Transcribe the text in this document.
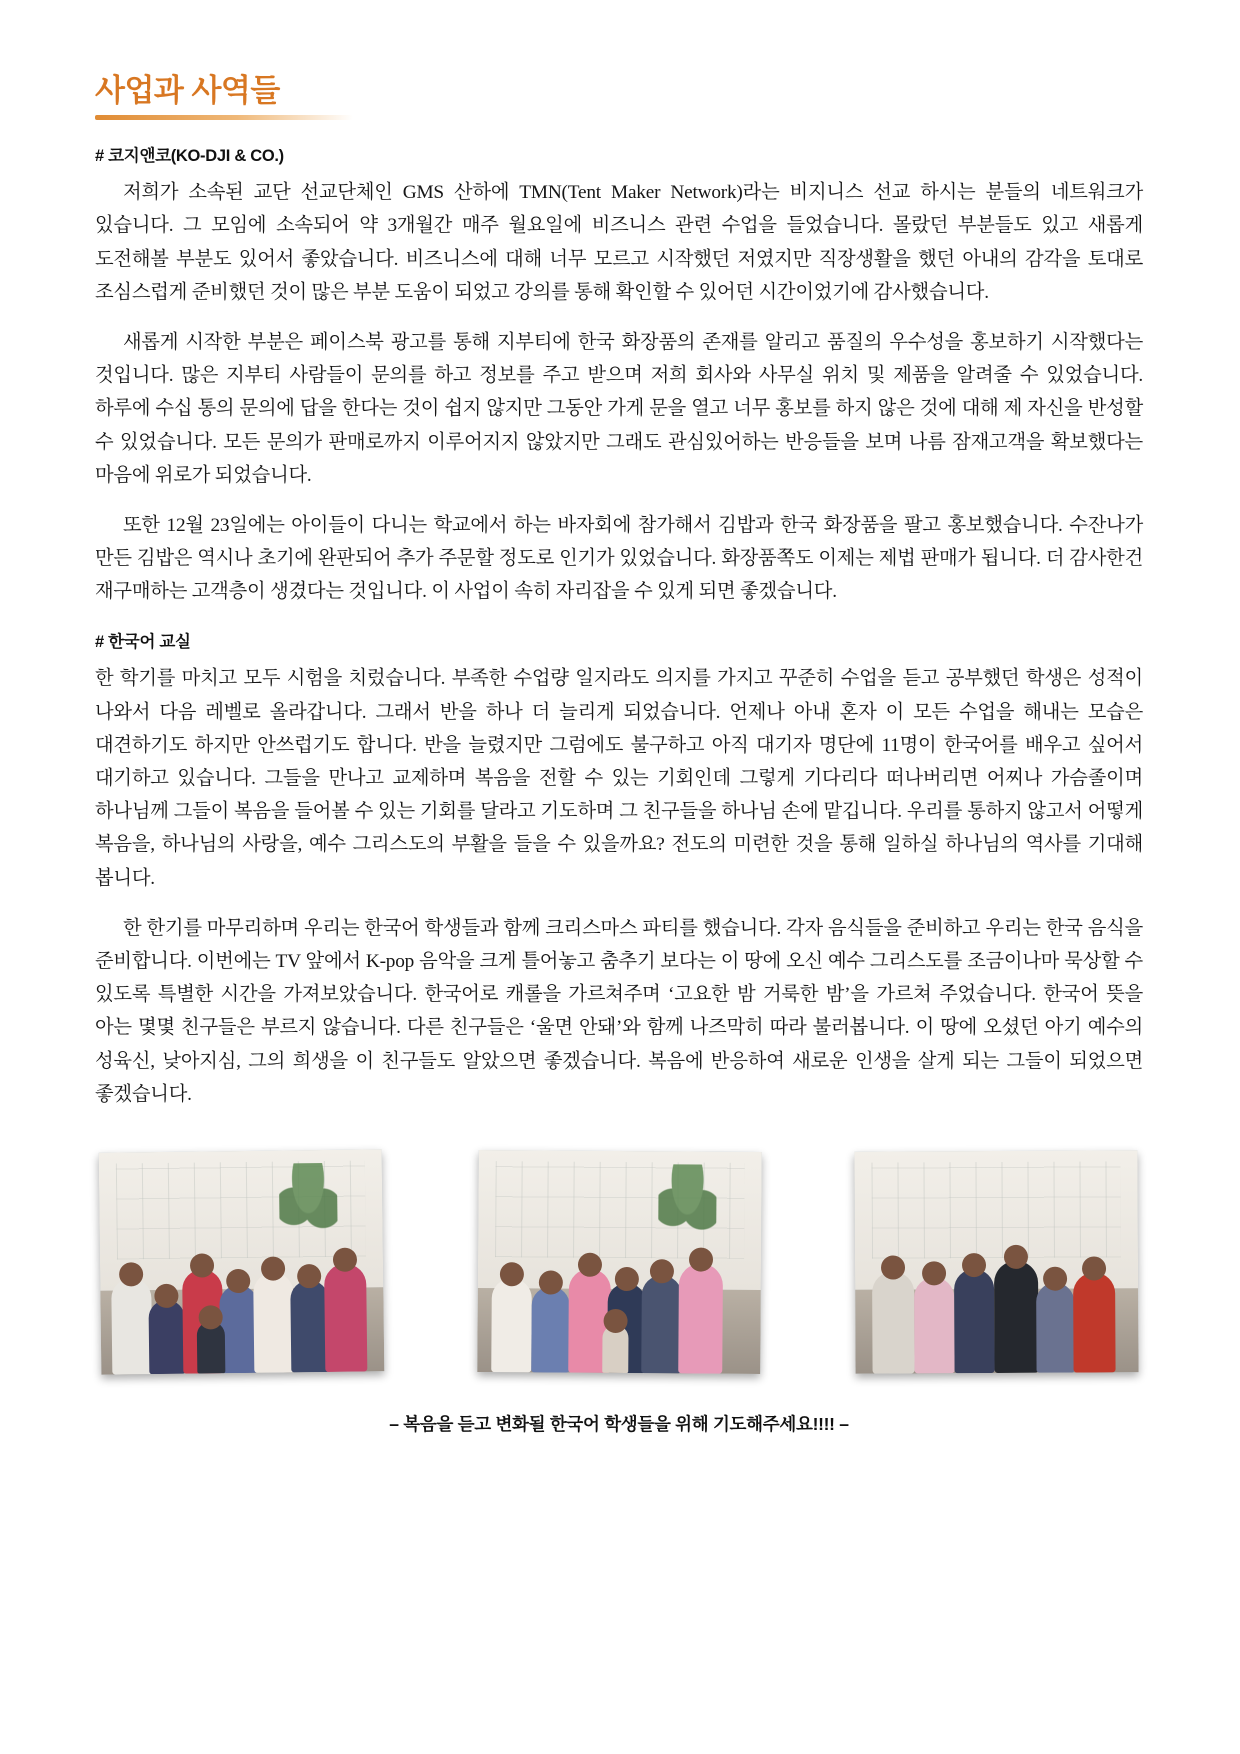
사업과 사역들
# 코지앤코(KO-DJI & CO.)

저희가 소속된 교단 선교단체인 GMS 산하에 TMN(Tent Maker Network)라는 비지니스 선교 하시는 분들의 네트워크가 있습니다. 그 모임에 소속되어 약 3개월간 매주 월요일에 비즈니스 관련 수업을 들었습니다. 몰랐던 부분들도 있고 새롭게 도전해볼 부분도 있어서 좋았습니다. 비즈니스에 대해 너무 모르고 시작했던 저였지만 직장생활을 했던 아내의 감각을 토대로 조심스럽게 준비했던 것이 많은 부분 도움이 되었고 강의를 통해 확인할 수 있어던 시간이었기에 감사했습니다.

새롭게 시작한 부분은 페이스북 광고를 통해 지부티에 한국 화장품의 존재를 알리고 품질의 우수성을 홍보하기 시작했다는 것입니다. 많은 지부티 사람들이 문의를 하고 정보를 주고 받으며 저희 회사와 사무실 위치 및 제품을 알려줄 수 있었습니다. 하루에 수십 통의 문의에 답을 한다는 것이 쉽지 않지만 그동안 가게 문을 열고 너무 홍보를 하지 않은 것에 대해 제 자신을 반성할 수 있었습니다. 모든 문의가 판매로까지 이루어지지 않았지만 그래도 관심있어하는 반응들을 보며 나름 잠재고객을 확보했다는 마음에 위로가 되었습니다.

또한 12월 23일에는 아이들이 다니는 학교에서 하는 바자회에 참가해서 김밥과 한국 화장품을 팔고 홍보했습니다. 수잔나가 만든 김밥은 역시나 초기에 완판되어 추가 주문할 정도로 인기가 있었습니다. 화장품쪽도 이제는 제법 판매가 됩니다. 더 감사한건 재구매하는 고객층이 생겼다는 것입니다. 이 사업이 속히 자리잡을 수 있게 되면 좋겠습니다.

# 한국어 교실

한 학기를 마치고 모두 시험을 치렀습니다. 부족한 수업량 일지라도 의지를 가지고 꾸준히 수업을 듣고 공부했던 학생은 성적이 나와서 다음 레벨로 올라갑니다. 그래서 반을 하나 더 늘리게 되었습니다. 언제나 아내 혼자 이 모든 수업을 해내는 모습은 대견하기도 하지만 안쓰럽기도 합니다. 반을 늘렸지만 그럼에도 불구하고 아직 대기자 명단에 11명이 한국어를 배우고 싶어서 대기하고 있습니다. 그들을 만나고 교제하며 복음을 전할 수 있는 기회인데 그렇게 기다리다 떠나버리면 어찌나 가슴졸이며 하나님께 그들이 복음을 들어볼 수 있는 기회를 달라고 기도하며 그 친구들을 하나님 손에 맡깁니다. 우리를 통하지 않고서 어떻게 복음을, 하나님의 사랑을, 예수 그리스도의 부활을 들을 수 있을까요? 전도의 미련한 것을 통해 일하실 하나님의 역사를 기대해 봅니다.

한 한기를 마무리하며 우리는 한국어 학생들과 함께 크리스마스 파티를 했습니다. 각자 음식들을 준비하고 우리는 한국 음식을 준비합니다. 이번에는 TV 앞에서 K-pop 음악을 크게 틀어놓고 춤추기 보다는 이 땅에 오신 예수 그리스도를 조금이나마 묵상할 수 있도록 특별한 시간을 가져보았습니다. 한국어로 캐롤을 가르쳐주며 ‘고요한 밤 거룩한 밤’을 가르쳐 주었습니다. 한국어 뜻을 아는 몇몇 친구들은 부르지 않습니다. 다른 친구들은 ‘울면 안돼’와 함께 나즈막히 따라 불러봅니다. 이 땅에 오셨던 아기 예수의 성육신, 낮아지심, 그의 희생을 이 친구들도 알았으면 좋겠습니다. 복음에 반응하여 새로운 인생을 살게 되는 그들이 되었으면 좋겠습니다.

– 복음을 듣고 변화될 한국어 학생들을 위해 기도해주세요!!!! –
